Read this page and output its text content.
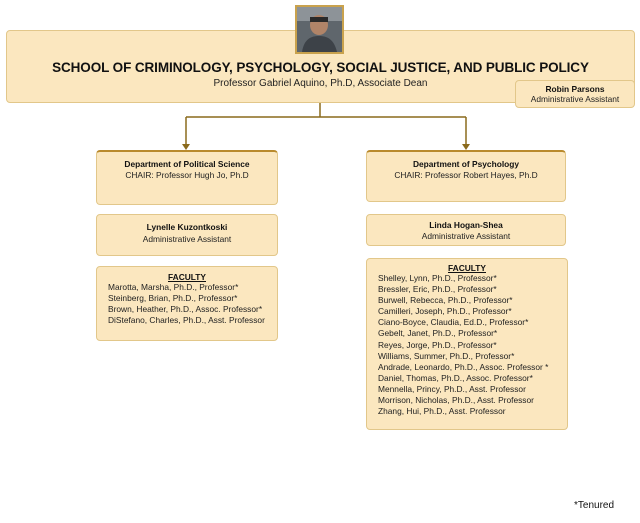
SCHOOL OF CRIMINOLOGY, PSYCHOLOGY, SOCIAL JUSTICE, AND PUBLIC POLICY
Professor Gabriel Aquino, Ph.D, Associate Dean	Robin Parsons
Administrative Assistant
Department of Political Science
CHAIR: Professor Hugh Jo, Ph.D
Lynelle Kuzontkoski
Administrative Assistant
FACULTY
Marotta, Marsha, Ph.D., Professor*
Steinberg, Brian, Ph.D., Professor*
Brown, Heather, Ph.D., Assoc. Professor*
DiStefano, Charles, Ph.D., Asst. Professor
Department of Psychology
CHAIR: Professor Robert Hayes, Ph.D
Linda Hogan-Shea
Administrative Assistant
FACULTY
Shelley, Lynn, Ph.D., Professor*
Bressler, Eric, Ph.D., Professor*
Burwell, Rebecca, Ph.D., Professor*
Camilleri, Joseph, Ph.D., Professor*
Ciano-Boyce, Claudia, Ed.D., Professor*
Gebelt, Janet, Ph.D., Professor*
Reyes, Jorge, Ph.D., Professor*
Williams, Summer, Ph.D., Professor*
Andrade, Leonardo, Ph.D., Assoc. Professor *
Daniel, Thomas, Ph.D., Assoc. Professor*
Mennella, Princy, Ph.D., Asst. Professor
Morrison, Nicholas, Ph.D., Asst. Professor
Zhang, Hui, Ph.D., Asst. Professor
*Tenured
